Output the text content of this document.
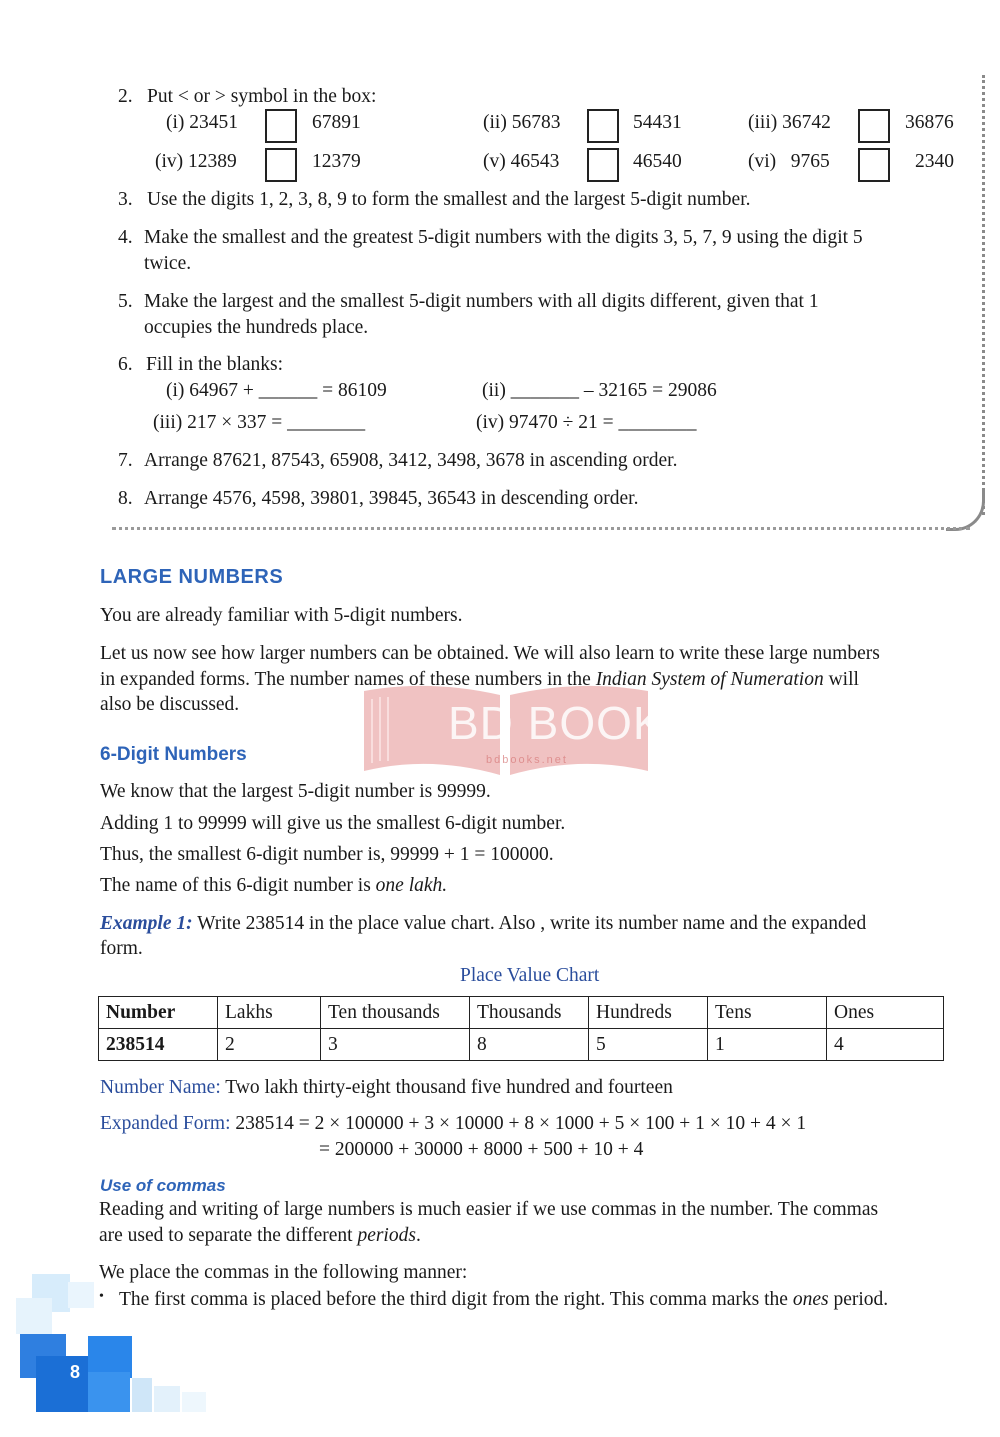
2. Put < or > symbol in the box:
(i) 23451	67891	(ii) 56783	54431	(iii) 36742	36876
(iv) 12389	12379	(v) 46543	46540	(vi)   9765	2340
3. Use the digits 1, 2, 3, 8, 9 to form the smallest and the largest 5-digit number.
4. Make the smallest and the greatest 5-digit numbers with the digits 3, 5, 7, 9 using the digit 5
twice.
5. Make the largest and the smallest 5-digit numbers with all digits different, given that 1
occupies the hundreds place.
6. Fill in the blanks:
(i) 64967 + ______ = 86109	(ii) _______ – 32165 = 29086
(iii) 217 × 337 = ________	(iv) 97470 ÷ 21 = ________
7. Arrange 87621, 87543, 65908, 3412, 3498, 3678 in ascending order.
8. Arrange 4576, 4598, 39801, 39845, 36543 in descending order.
LARGE NUMBERS
You are already familiar with 5-digit numbers.
Let us now see how larger numbers can be obtained. We will also learn to write these large numbers
in expanded forms. The number names of these numbers in the Indian System of Numeration will
also be discussed.	BD BOOKS
bdbooks.net
6-Digit Numbers
We know that the largest 5-digit number is 99999.
Adding 1 to 99999 will give us the smallest 6-digit number.
Thus, the smallest 6-digit number is, 99999 + 1 = 100000.
The name of this 6-digit number is one lakh.
Example 1: Write 238514 in the place value chart. Also , write its number name and the expanded
form.
Place Value Chart
Number	Lakhs	Ten thousands	Thousands	Hundreds	Tens	Ones
238514	2	3	8	5	1	4
Number Name: Two lakh thirty-eight thousand five hundred and fourteen
Expanded Form: 238514 = 2 × 100000 + 3 × 10000 + 8 × 1000 + 5 × 100 + 1 × 10 + 4 × 1
= 200000 + 30000 + 8000 + 500 + 10 + 4
Use of commas
Reading and writing of large numbers is much easier if we use commas in the number. The commas
are used to separate the different periods.
We place the commas in the following manner:
• The first comma is placed before the third digit from the right. This comma marks the ones period.
8
